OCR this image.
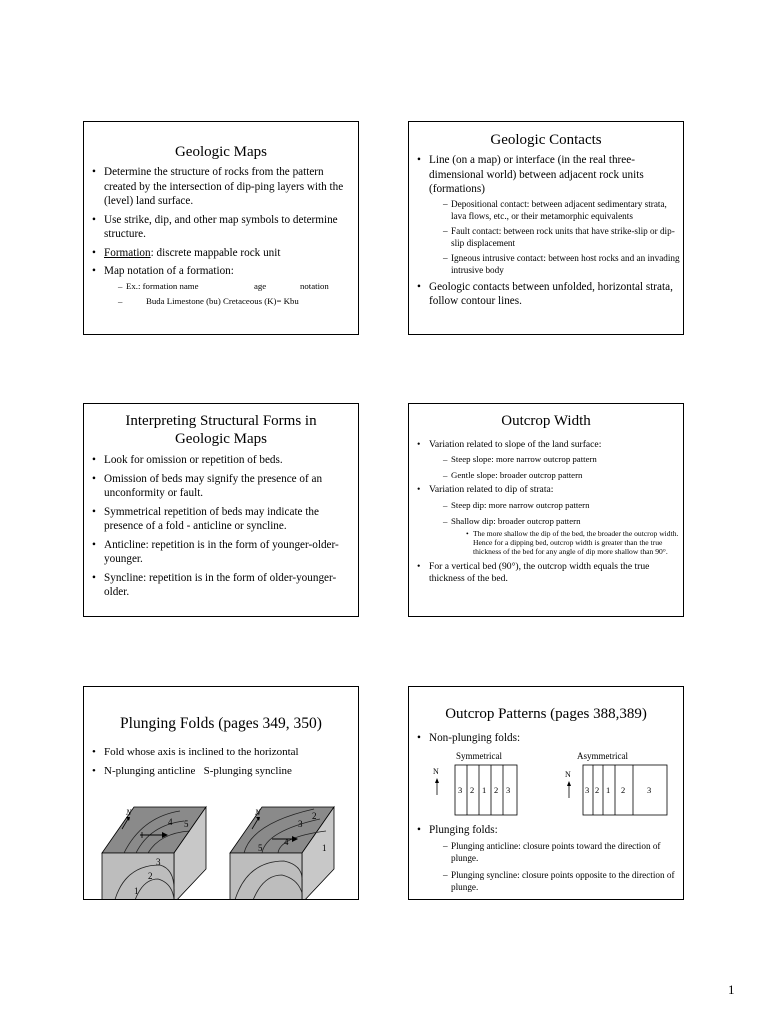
Geologic Maps
• Determine the structure of rocks from the pattern created by the intersection of dip-ping layers with the (level) land surface.
• Use strike, dip, and other map symbols to determine structure.
• Formation: discrete mappable rock unit
• Map notation of a formation:
– Ex.: formation name	age	notation
– Buda Limestone (bu) Cretaceous (K)= Kbu
Geologic Contacts
• Line (on a map) or interface (in the real three-dimensional world) between adjacent rock units (formations)
– Depositional contact: between adjacent sedimentary strata, lava flows, etc., or their metamorphic equivalents
– Fault contact: between rock units that have strike-slip or dip-slip displacement
– Igneous intrusive contact: between host rocks and an invading intrusive body
• Geologic contacts between unfolded, horizontal strata, follow contour lines.
Interpreting Structural Forms in Geologic Maps
• Look for omission or repetition of beds.
• Omission of beds may signify the presence of an unconformity or fault.
• Symmetrical repetition of beds may indicate the presence of a fold - anticline or syncline.
• Anticline: repetition is in the form of younger-older-younger.
• Syncline: repetition is in the form of older-younger-older.
Outcrop Width
• Variation related to slope of the land surface:
– Steep slope: more narrow outcrop pattern
– Gentle slope: broader outcrop pattern
• Variation related to dip of strata:
– Steep dip: more narrow outcrop pattern
– Shallow dip: broader outcrop pattern
• The more shallow the dip of the bed, the broader the outcrop width. Hence for a dipping bed, outcrop width is greater than the true thickness of the bed for any angle of dip more shallow than 90°.
• For a vertical bed (90°), the outcrop width equals the true thickness of the bed.
Plunging Folds (pages 349, 350)
• Fold whose axis is inclined to the horizontal
• N-plunging anticline   S-plunging syncline
N
1
2
3
4 5
N
1
2
3
4
5
Outcrop Patterns (pages 388,389)
• Non-plunging folds:
Symmetrical	Asymmetrical
N
3 2 1 2 3
N
3 2 1 2	3
• Plunging folds:
– Plunging anticline: closure points toward the direction of plunge.
– Plunging syncline: closure points opposite to the direction of plunge.
1
